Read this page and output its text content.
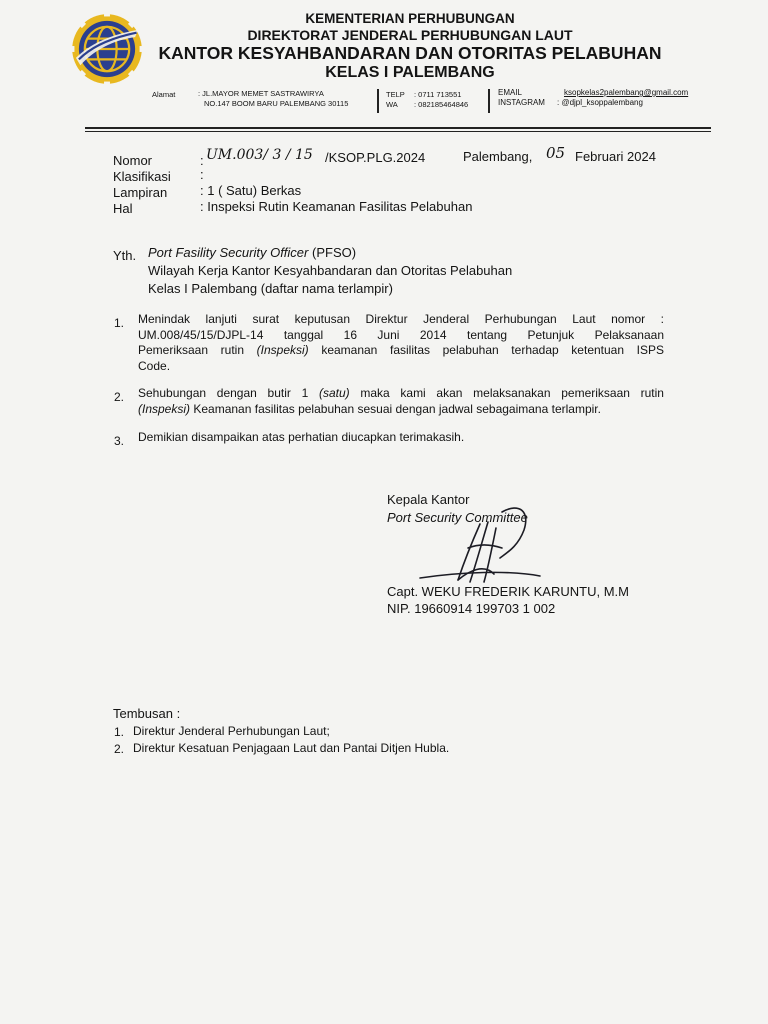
KEMENTERIAN PERHUBUNGAN
DIREKTORAT JENDERAL PERHUBUNGAN LAUT
KANTOR KESYAHBANDARAN DAN OTORITAS PELABUHAN
KELAS I PALEMBANG
Alamat	: JL.MAYOR MEMET SASTRAWIRYA
NO.147 BOOM BARU PALEMBANG 30115
TELP : 0711 713551
WA : 082185464846
EMAIL	ksopkelas2palembang@gmail.com
INSTAGRAM : @djpl_ksoppalembang
Nomor	: UM.003/ 3 / 15 /KSOP.PLG.2024	Palembang, 05 Februari 2024
Klasifikasi :
Lampiran	: 1 ( Satu) Berkas
Hal	: Inspeksi Rutin Keamanan Fasilitas Pelabuhan
Yth. Port Fasility Security Officer (PFSO)
Wilayah Kerja Kantor Kesyahbandaran dan Otoritas Pelabuhan
Kelas I Palembang (daftar nama terlampir)
1. Menindak lanjuti surat keputusan Direktur Jenderal Perhubungan Laut nomor :
UM.008/45/15/DJPL-14 tanggal 16 Juni 2014 tentang Petunjuk Pelaksanaan
Pemeriksaan rutin (Inspeksi) keamanan fasilitas pelabuhan terhadap ketentuan ISPS
Code.
2. Sehubungan dengan butir 1 (satu) maka kami akan melaksanakan pemeriksaan rutin
(Inspeksi) Keamanan fasilitas pelabuhan sesuai dengan jadwal sebagaimana terlampir.
3. Demikian disampaikan atas perhatian diucapkan terimakasih.
Kepala Kantor
Port Security Committee
Capt. WEKU FREDERIK KARUNTU, M.M
NIP. 19660914 199703 1 002
Tembusan :
1. Direktur Jenderal Perhubungan Laut;
2. Direktur Kesatuan Penjagaan Laut dan Pantai Ditjen Hubla.
